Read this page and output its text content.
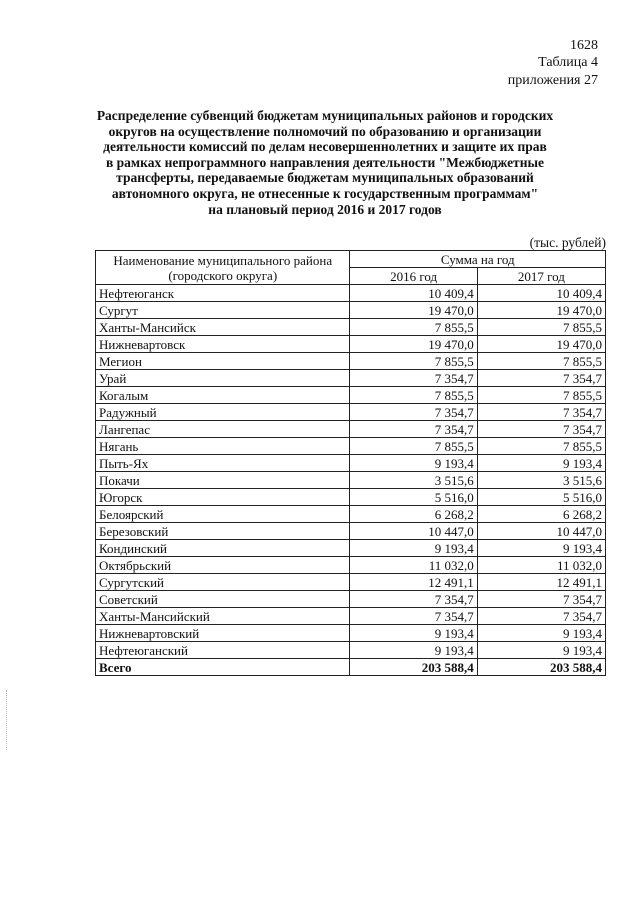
1628
Таблица 4
приложения 27
Распределение субвенций бюджетам муниципальных районов и городских
округов на осуществление полномочий по образованию и организации
деятельности комиссий по делам несовершеннолетних и защите их прав
в рамках непрограммного направления деятельности "Межбюджетные
трансферты, передаваемые бюджетам муниципальных образований
автономного округа, не отнесенные к государственным программам"
на плановый период 2016 и 2017 годов
(тыс. рублей)
Наименование муниципального района
(городского округа)	Сумма на год	
	2016 год	2017 год
Нефтеюганск	10 409,4	10 409,4
Сургут	19 470,0	19 470,0
Ханты-Мансийск	7 855,5	7 855,5
Нижневартовск	19 470,0	19 470,0
Мегион	7 855,5	7 855,5
Урай	7 354,7	7 354,7
Когалым	7 855,5	7 855,5
Радужный	7 354,7	7 354,7
Лангепас	7 354,7	7 354,7
Нягань	7 855,5	7 855,5
Пыть-Ях	9 193,4	9 193,4
Покачи	3 515,6	3 515,6
Югорск	5 516,0	5 516,0
Белоярский	6 268,2	6 268,2
Березовский	10 447,0	10 447,0
Кондинский	9 193,4	9 193,4
Октябрьский	11 032,0	11 032,0
Сургутский	12 491,1	12 491,1
Советский	7 354,7	7 354,7
Ханты-Мансийский	7 354,7	7 354,7
Нижневартовский	9 193,4	9 193,4
Нефтеюганский	9 193,4	9 193,4
Всего	203 588,4	203 588,4
